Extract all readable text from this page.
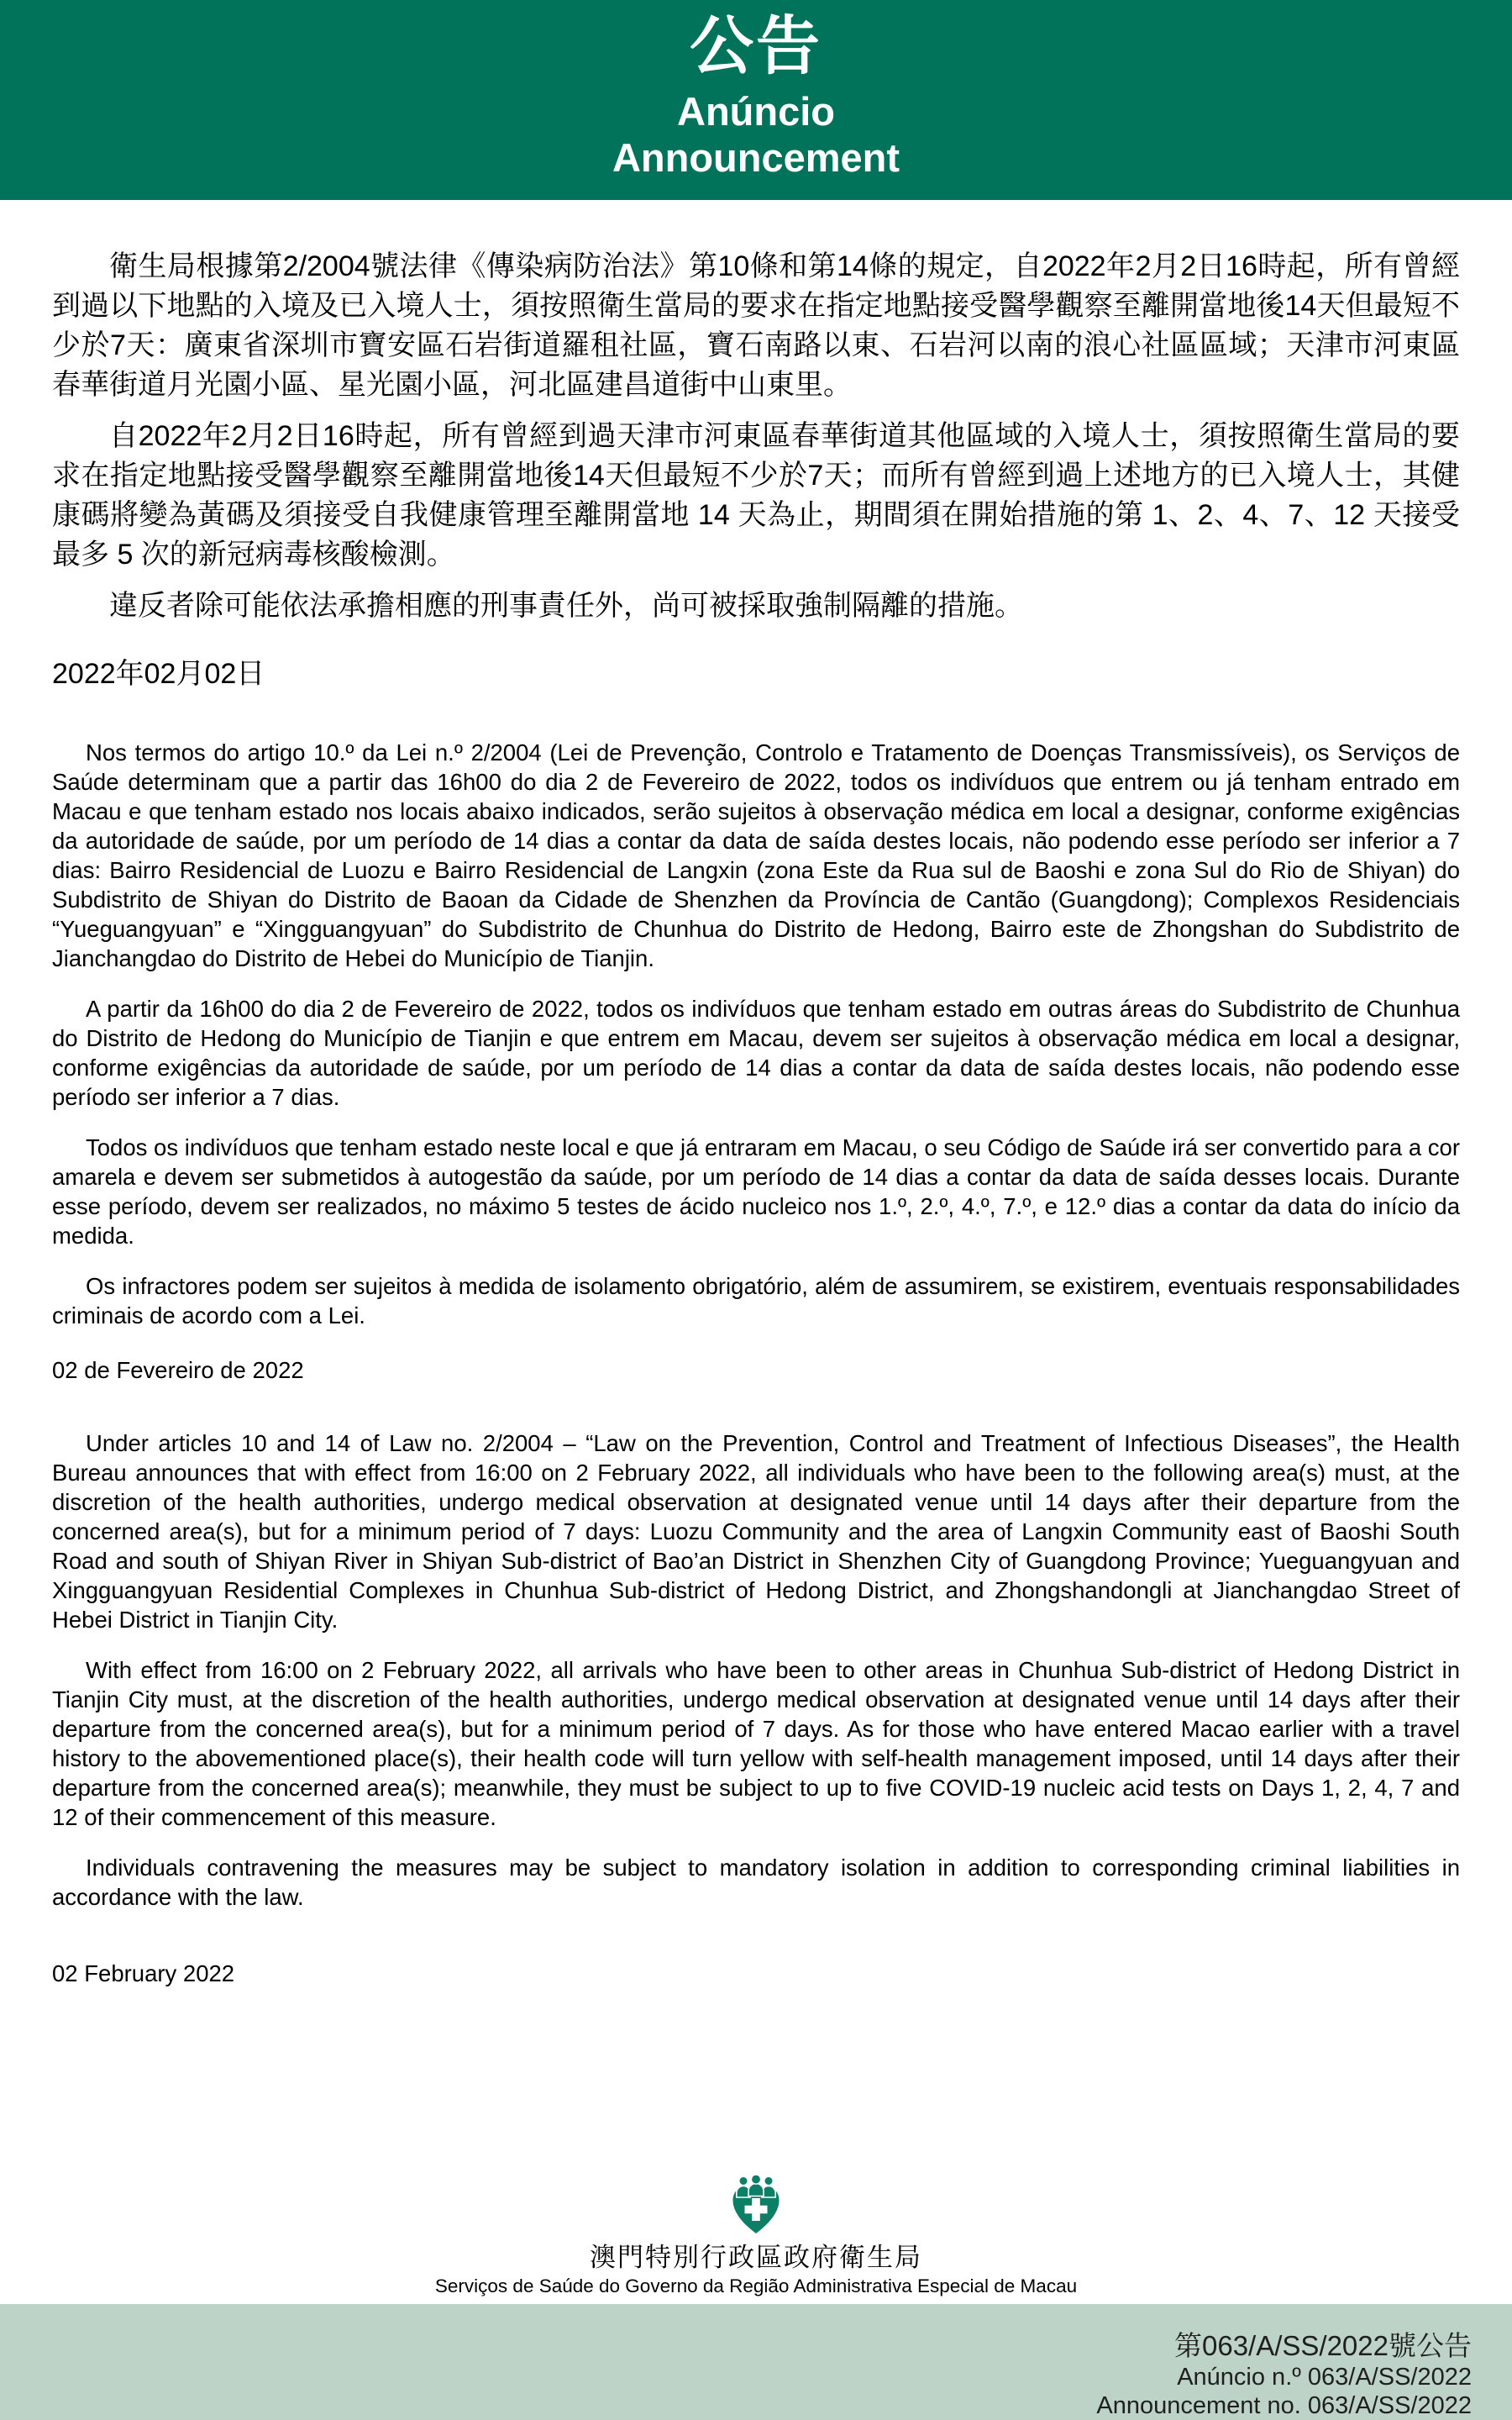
公告
Anúncio
Announcement

衛生局根據第2/2004號法律《傳染病防治法》第10條和第14條的規定，自2022年2月2日16時起，所有曾經到過以下地點的入境及已入境人士，須按照衛生當局的要求在指定地點接受醫學觀察至離開當地後14天但最短不少於7天：廣東省深圳市寶安區石岩街道羅租社區，寶石南路以東、石岩河以南的浪心社區區域；天津市河東區春華街道月光園小區、星光園小區，河北區建昌道街中山東里。

自2022年2月2日16時起，所有曾經到過天津市河東區春華街道其他區域的入境人士，須按照衛生當局的要求在指定地點接受醫學觀察至離開當地後14天但最短不少於7天；而所有曾經到過上述地方的已入境人士，其健康碼將變為黃碼及須接受自我健康管理至離開當地 14 天為止，期間須在開始措施的第 1、2、4、7、12 天接受最多 5 次的新冠病毒核酸檢測。

違反者除可能依法承擔相應的刑事責任外，尚可被採取強制隔離的措施。

2022年02月02日

Nos termos do artigo 10.º da Lei n.º 2/2004 (Lei de Prevenção, Controlo e Tratamento de Doenças Transmissíveis), os Serviços de Saúde determinam que a partir das 16h00 do dia 2 de Fevereiro de 2022, todos os indivíduos que entrem ou já tenham entrado em Macau e que tenham estado nos locais abaixo indicados, serão sujeitos à observação médica em local a designar, conforme exigências da autoridade de saúde, por um período de 14 dias a contar da data de saída destes locais, não podendo esse período ser inferior a 7 dias: Bairro Residencial de Luozu e Bairro Residencial de Langxin (zona Este da Rua sul de Baoshi e zona Sul do Rio de Shiyan) do Subdistrito de Shiyan do Distrito de Baoan da Cidade de Shenzhen da Província de Cantão (Guangdong); Complexos Residenciais “Yueguangyuan” e “Xingguangyuan” do Subdistrito de Chunhua do Distrito de Hedong, Bairro este de Zhongshan do Subdistrito de Jianchangdao do Distrito de Hebei do Município de Tianjin.

A partir da 16h00 do dia 2 de Fevereiro de 2022, todos os indivíduos que tenham estado em outras áreas do Subdistrito de Chunhua do Distrito de Hedong do Município de Tianjin e que entrem em Macau, devem ser sujeitos à observação médica em local a designar, conforme exigências da autoridade de saúde, por um período de 14 dias a contar da data de saída destes locais, não podendo esse período ser inferior a 7 dias.

Todos os indivíduos que tenham estado neste local e que já entraram em Macau, o seu Código de Saúde irá ser convertido para a cor amarela e devem ser submetidos à autogestão da saúde, por um período de 14 dias a contar da data de saída desses locais. Durante esse período, devem ser realizados, no máximo 5 testes de ácido nucleico nos 1.º, 2.º, 4.º, 7.º, e 12.º dias a contar da data do início da medida.

Os infractores podem ser sujeitos à medida de isolamento obrigatório, além de assumirem, se existirem, eventuais responsabilidades criminais de acordo com a Lei.

02 de Fevereiro de 2022

Under articles 10 and 14 of Law no. 2/2004 – “Law on the Prevention, Control and Treatment of Infectious Diseases”, the Health Bureau announces that with effect from 16:00 on 2 February 2022, all individuals who have been to the following area(s) must, at the discretion of the health authorities, undergo medical observation at designated venue until 14 days after their departure from the concerned area(s), but for a minimum period of 7 days: Luozu Community and the area of Langxin Community east of Baoshi South Road and south of Shiyan River in Shiyan Sub-district of Bao’an District in Shenzhen City of Guangdong Province; Yueguangyuan and Xingguangyuan Residential Complexes in Chunhua Sub-district of Hedong District, and Zhongshandongli at Jianchangdao Street of Hebei District in Tianjin City.

With effect from 16:00 on 2 February 2022, all arrivals who have been to other areas in Chunhua Sub-district of Hedong District in Tianjin City must, at the discretion of the health authorities, undergo medical observation at designated venue until 14 days after their departure from the concerned area(s), but for a minimum period of 7 days. As for those who have entered Macao earlier with a travel history to the abovementioned place(s), their health code will turn yellow with self-health management imposed, until 14 days after their departure from the concerned area(s); meanwhile, they must be subject to up to five COVID-19 nucleic acid tests on Days 1, 2, 4, 7 and 12 of their commencement of this measure.

Individuals contravening the measures may be subject to mandatory isolation in addition to corresponding criminal liabilities in accordance with the law.

02 February 2022

澳門特別行政區政府衛生局
Serviços de Saúde do Governo da Região Administrativa Especial de Macau
第063/A/SS/2022號公告
Anúncio n.º 063/A/SS/2022
Announcement no. 063/A/SS/2022
